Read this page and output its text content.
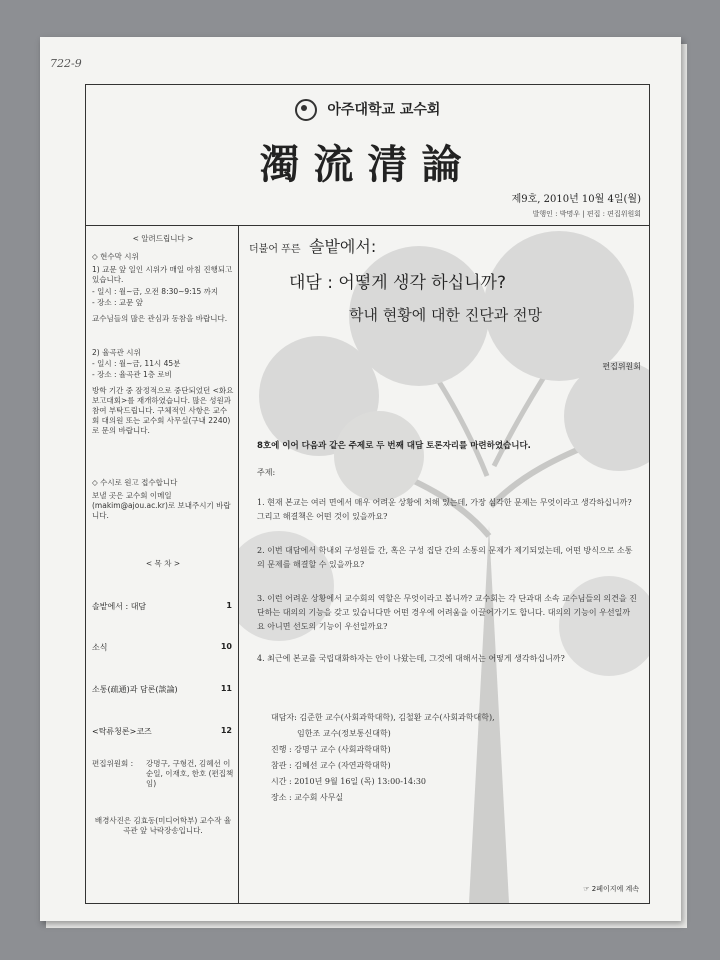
722-9
아주대학교 교수회
濁流清論
제9호, 2010년 10월 4일(월)
발행인 : 박명우 | 편집 : 편집위원회
< 알려드립니다 >
◇ 현수막 시위
1) 교문 앞 일인 시위가 매일 아침 진행되고 있습니다.
- 일시 : 월~금, 오전 8:30~9:15 까지
- 장소 : 교문 앞
교수님들의 많은 관심과 동참을 바랍니다.
2) 율곡관 시위
- 일시 : 월~금, 11시 45분
- 장소 : 율곡관 1층 로비
방학 기간 중 잠정적으로 중단되었던 <화요보고대회>를 재개하였습니다. 많은 성원과 참여 부탁드립니다. 구체적인 사항은 교수회 대의원 또는 교수회 사무실(구내 2240)로 문의 바랍니다.
◇ 수시로 원고 접수합니다
보낼 곳은 교수회 이메일(makim@ajou.ac.kr)로 보내주시기 바랍니다.
< 목 차 >
솔밭에서 : 대담	1
소식	10
소통(疏通)과 담론(談論)	11
<탁류청론>코즈	12
편집위원회 :	강명구, 구형건, 김혜선 이순일, 이재호, 한호 (편집책임)
배경사진은 김효동(미디어학부) 교수작 율곡관 앞 낙락장송입니다.
더불어 푸른 솔밭에서:
대담 : 어떻게 생각 하십니까?
학내 현황에 대한 진단과 전망
편집위원회
8호에 이어 다음과 같은 주제로 두 번째 대담 토론자리를 마련하였습니다.
주제:
1. 현재 본교는 여러 면에서 매우 어려운 상황에 처해 있는데, 가장 심각한 문제는 무엇이라고 생각하십니까? 그리고 해결책은 어떤 것이 있을까요?
2. 이번 대담에서 학내외 구성원들 간, 혹은 구성 집단 간의 소통의 문제가 제기되었는데, 어떤 방식으로 소통의 문제를 해결할 수 있을까요?
3. 이런 어려운 상황에서 교수회의 역할은 무엇이라고 봅니까? 교수회는 각 단과대 소속 교수님들의 의견을 진단하는 대의의 기능을 갖고 있습니다만 어떤 경우에 어려움을 이끌어가기도 합니다. 대의의 기능이 우선일까요 아니면 선도의 기능이 우선일까요?
4. 최근에 본교를 국립대화하자는 안이 나왔는데, 그것에 대해서는 어떻게 생각하십니까?
대담자: 김준한 교수(사회과학대학), 김철환 교수(사회과학대학),
임한조 교수(정보통신대학)
진행 : 강명구 교수 (사회과학대학)
참관 : 김혜선 교수 (자연과학대학)
시간 : 2010년 9월 16일 (목) 13:00-14:30
장소 : 교수회 사무실
☞ 2페이지에 계속
